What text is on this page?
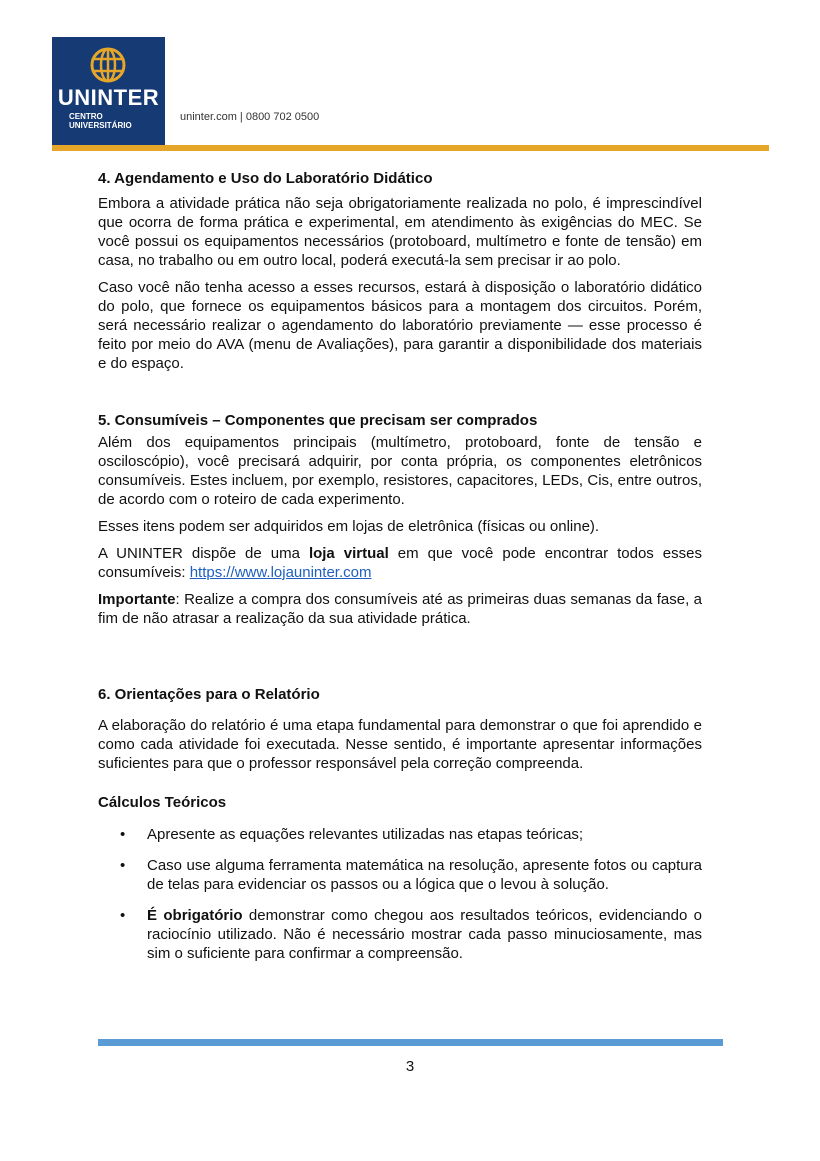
UNINTER
CENTRO
UNIVERSITÁRIO
uninter.com | 0800 702 0500

4. Agendamento e Uso do Laboratório Didático

Embora a atividade prática não seja obrigatoriamente realizada no polo, é imprescindível que ocorra de forma prática e experimental, em atendimento às exigências do MEC. Se você possui os equipamentos necessários (protoboard, multímetro e fonte de tensão) em casa, no trabalho ou em outro local, poderá executá-la sem precisar ir ao polo.

Caso você não tenha acesso a esses recursos, estará à disposição o laboratório didático do polo, que fornece os equipamentos básicos para a montagem dos circuitos. Porém, será necessário realizar o agendamento do laboratório previamente — esse processo é feito por meio do AVA (menu de Avaliações), para garantir a disponibilidade dos materiais e do espaço.

5. Consumíveis – Componentes que precisam ser comprados

Além dos equipamentos principais (multímetro, protoboard, fonte de tensão e osciloscópio), você precisará adquirir, por conta própria, os componentes eletrônicos consumíveis. Estes incluem, por exemplo, resistores, capacitores, LEDs, Cis, entre outros, de acordo com o roteiro de cada experimento.

Esses itens podem ser adquiridos em lojas de eletrônica (físicas ou online).

A UNINTER dispõe de uma loja virtual em que você pode encontrar todos esses consumíveis: https://www.lojauninter.com

Importante: Realize a compra dos consumíveis até as primeiras duas semanas da fase, a fim de não atrasar a realização da sua atividade prática.

6. Orientações para o Relatório

A elaboração do relatório é uma etapa fundamental para demonstrar o que foi aprendido e como cada atividade foi executada. Nesse sentido, é importante apresentar informações suficientes para que o professor responsável pela correção compreenda.

Cálculos Teóricos

• Apresente as equações relevantes utilizadas nas etapas teóricas;
• Caso use alguma ferramenta matemática na resolução, apresente fotos ou captura de telas para evidenciar os passos ou a lógica que o levou à solução.
• É obrigatório demonstrar como chegou aos resultados teóricos, evidenciando o raciocínio utilizado. Não é necessário mostrar cada passo minuciosamente, mas sim o suficiente para confirmar a compreensão.
3
